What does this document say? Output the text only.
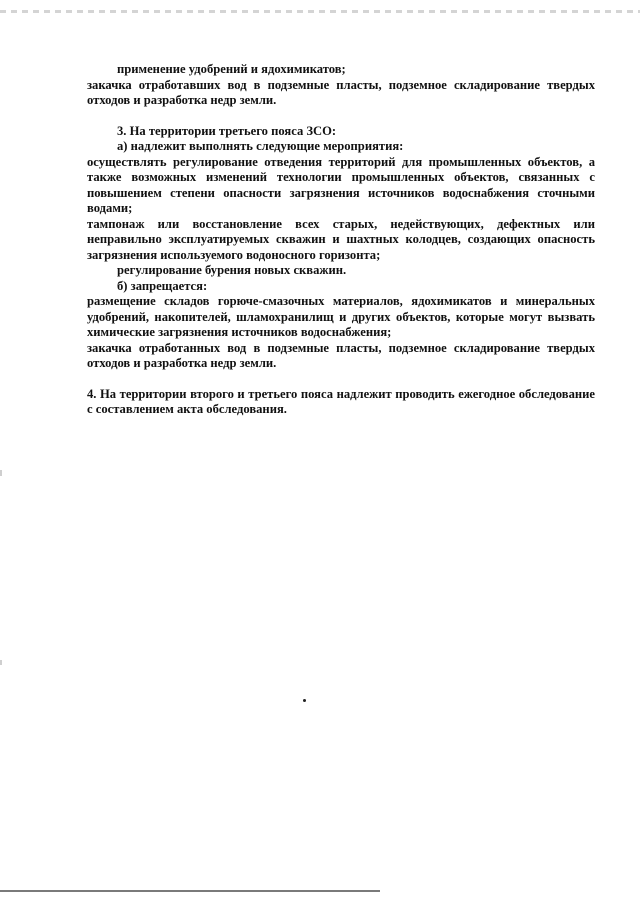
применение удобрений и ядохимикатов;

закачка отработавших вод в подземные пласты, подземное складирование твердых отходов и разработка недр земли.

3. На территории третьего пояса ЗСО:

а) надлежит выполнять следующие мероприятия:

осуществлять регулирование отведения территорий для промышленных объектов, а также возможных изменений технологии промышленных объектов, связанных с повышением степени опасности загрязнения источников водоснабжения сточными водами;

тампонаж или восстановление всех старых, недействующих, дефектных или неправильно эксплуатируемых скважин и шахтных колодцев, создающих опасность загрязнения используемого водоносного горизонта;

регулирование бурения новых скважин.

б) запрещается:

размещение складов горюче-смазочных материалов, ядохимикатов и минеральных удобрений, накопителей, шламохранилищ и других объектов, которые могут вызвать химические загрязнения источников водоснабжения;

закачка отработанных вод в подземные пласты, подземное складирование твердых отходов и разработка недр земли.

4. На территории второго и третьего пояса надлежит проводить ежегодное обследование с составлением акта обследования.
